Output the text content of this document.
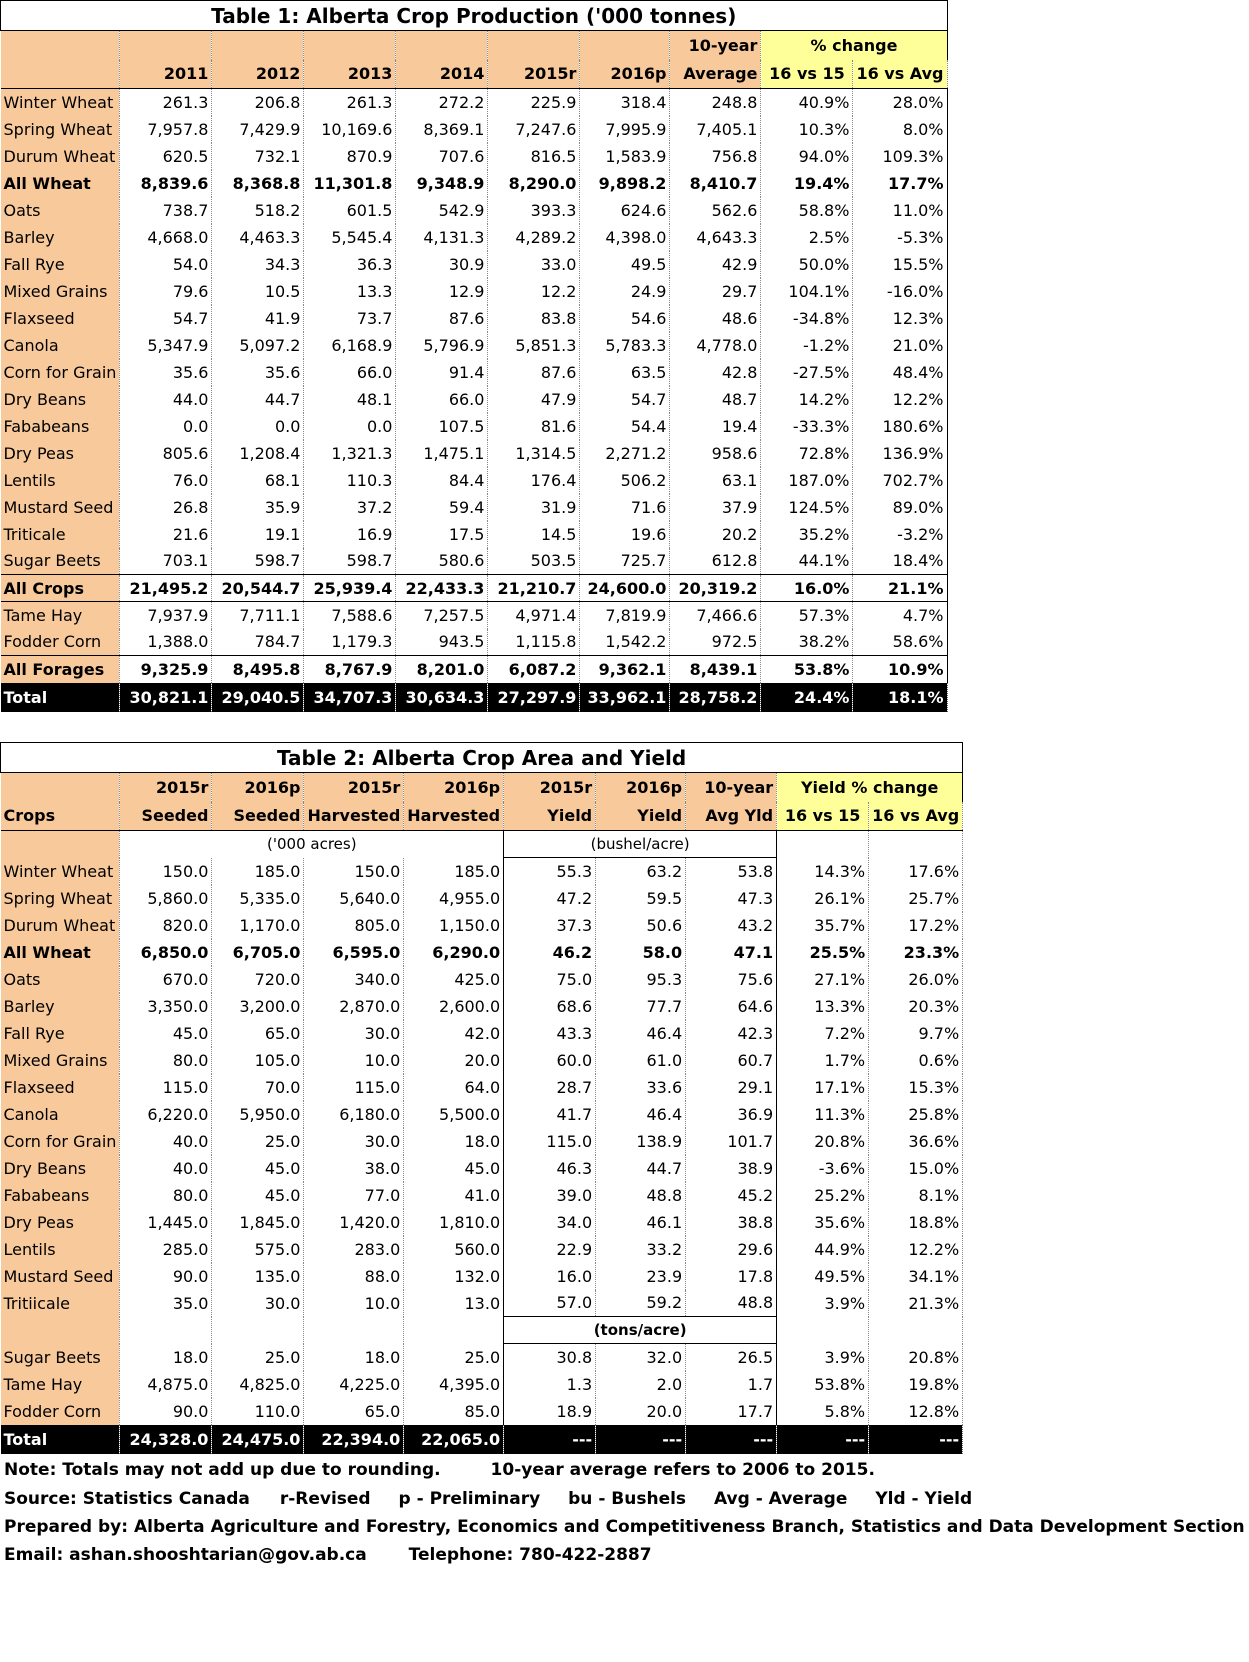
Table 1: Alberta Crop Production ('000 tonnes)									
							10-year	% change	
	2011	2012	2013	2014	2015r	2016p	Average	16 vs 15	16 vs Avg
Winter Wheat	261.3	206.8	261.3	272.2	225.9	318.4	248.8	40.9%	28.0%
Spring Wheat	7,957.8	7,429.9	10,169.6	8,369.1	7,247.6	7,995.9	7,405.1	10.3%	8.0%
Durum Wheat	620.5	732.1	870.9	707.6	816.5	1,583.9	756.8	94.0%	109.3%
All Wheat	8,839.6	8,368.8	11,301.8	9,348.9	8,290.0	9,898.2	8,410.7	19.4%	17.7%
Oats	738.7	518.2	601.5	542.9	393.3	624.6	562.6	58.8%	11.0%
Barley	4,668.0	4,463.3	5,545.4	4,131.3	4,289.2	4,398.0	4,643.3	2.5%	-5.3%
Fall Rye	54.0	34.3	36.3	30.9	33.0	49.5	42.9	50.0%	15.5%
Mixed Grains	79.6	10.5	13.3	12.9	12.2	24.9	29.7	104.1%	-16.0%
Flaxseed	54.7	41.9	73.7	87.6	83.8	54.6	48.6	-34.8%	12.3%
Canola	5,347.9	5,097.2	6,168.9	5,796.9	5,851.3	5,783.3	4,778.0	-1.2%	21.0%
Corn for Grain	35.6	35.6	66.0	91.4	87.6	63.5	42.8	-27.5%	48.4%
Dry Beans	44.0	44.7	48.1	66.0	47.9	54.7	48.7	14.2%	12.2%
Fababeans	0.0	0.0	0.0	107.5	81.6	54.4	19.4	-33.3%	180.6%
Dry Peas	805.6	1,208.4	1,321.3	1,475.1	1,314.5	2,271.2	958.6	72.8%	136.9%
Lentils	76.0	68.1	110.3	84.4	176.4	506.2	63.1	187.0%	702.7%
Mustard Seed	26.8	35.9	37.2	59.4	31.9	71.6	37.9	124.5%	89.0%
Triticale	21.6	19.1	16.9	17.5	14.5	19.6	20.2	35.2%	-3.2%
Sugar Beets	703.1	598.7	598.7	580.6	503.5	725.7	612.8	44.1%	18.4%
All Crops	21,495.2	20,544.7	25,939.4	22,433.3	21,210.7	24,600.0	20,319.2	16.0%	21.1%
Tame Hay	7,937.9	7,711.1	7,588.6	7,257.5	4,971.4	7,819.9	7,466.6	57.3%	4.7%
Fodder Corn	1,388.0	784.7	1,179.3	943.5	1,115.8	1,542.2	972.5	38.2%	58.6%
All Forages	9,325.9	8,495.8	8,767.9	8,201.0	6,087.2	9,362.1	8,439.1	53.8%	10.9%
Total	30,821.1	29,040.5	34,707.3	30,634.3	27,297.9	33,962.1	28,758.2	24.4%	18.1%
Table 2: Alberta Crop Area and Yield									
	2015r	2016p	2015r	2016p	2015r	2016p	10-year	Yield % change	
Crops	Seeded	Seeded	Harvested	Harvested	Yield	Yield	Avg Yld	16 vs 15	16 vs Avg
	('000 acres)				(bushel/acre)				
Winter Wheat	150.0	185.0	150.0	185.0	55.3	63.2	53.8	14.3%	17.6%
Spring Wheat	5,860.0	5,335.0	5,640.0	4,955.0	47.2	59.5	47.3	26.1%	25.7%
Durum Wheat	820.0	1,170.0	805.0	1,150.0	37.3	50.6	43.2	35.7%	17.2%
All Wheat	6,850.0	6,705.0	6,595.0	6,290.0	46.2	58.0	47.1	25.5%	23.3%
Oats	670.0	720.0	340.0	425.0	75.0	95.3	75.6	27.1%	26.0%
Barley	3,350.0	3,200.0	2,870.0	2,600.0	68.6	77.7	64.6	13.3%	20.3%
Fall Rye	45.0	65.0	30.0	42.0	43.3	46.4	42.3	7.2%	9.7%
Mixed Grains	80.0	105.0	10.0	20.0	60.0	61.0	60.7	1.7%	0.6%
Flaxseed	115.0	70.0	115.0	64.0	28.7	33.6	29.1	17.1%	15.3%
Canola	6,220.0	5,950.0	6,180.0	5,500.0	41.7	46.4	36.9	11.3%	25.8%
Corn for Grain	40.0	25.0	30.0	18.0	115.0	138.9	101.7	20.8%	36.6%
Dry Beans	40.0	45.0	38.0	45.0	46.3	44.7	38.9	-3.6%	15.0%
Fababeans	80.0	45.0	77.0	41.0	39.0	48.8	45.2	25.2%	8.1%
Dry Peas	1,445.0	1,845.0	1,420.0	1,810.0	34.0	46.1	38.8	35.6%	18.8%
Lentils	285.0	575.0	283.0	560.0	22.9	33.2	29.6	44.9%	12.2%
Mustard Seed	90.0	135.0	88.0	132.0	16.0	23.9	17.8	49.5%	34.1%
Tritiicale	35.0	30.0	10.0	13.0	57.0	59.2	48.8	3.9%	21.3%
					(tons/acre)				
Sugar Beets	18.0	25.0	18.0	25.0	30.8	32.0	26.5	3.9%	20.8%
Tame Hay	4,875.0	4,825.0	4,225.0	4,395.0	1.3	2.0	1.7	53.8%	19.8%
Fodder Corn	90.0	110.0	65.0	85.0	18.9	20.0	17.7	5.8%	12.8%
Total	24,328.0	24,475.0	22,394.0	22,065.0	---	---	---	---	---
Note: Totals may not add up due to rounding.	10-year average refers to 2006 to 2015.
Source: Statistics Canada r-Revised p - Preliminary bu - Bushels Avg - Average Yld - Yield
Prepared by: Alberta Agriculture and Forestry, Economics and Competitiveness Branch, Statistics and Data Development Section
Email: ashan.shooshtarian@gov.ab.ca Telephone: 780-422-2887
